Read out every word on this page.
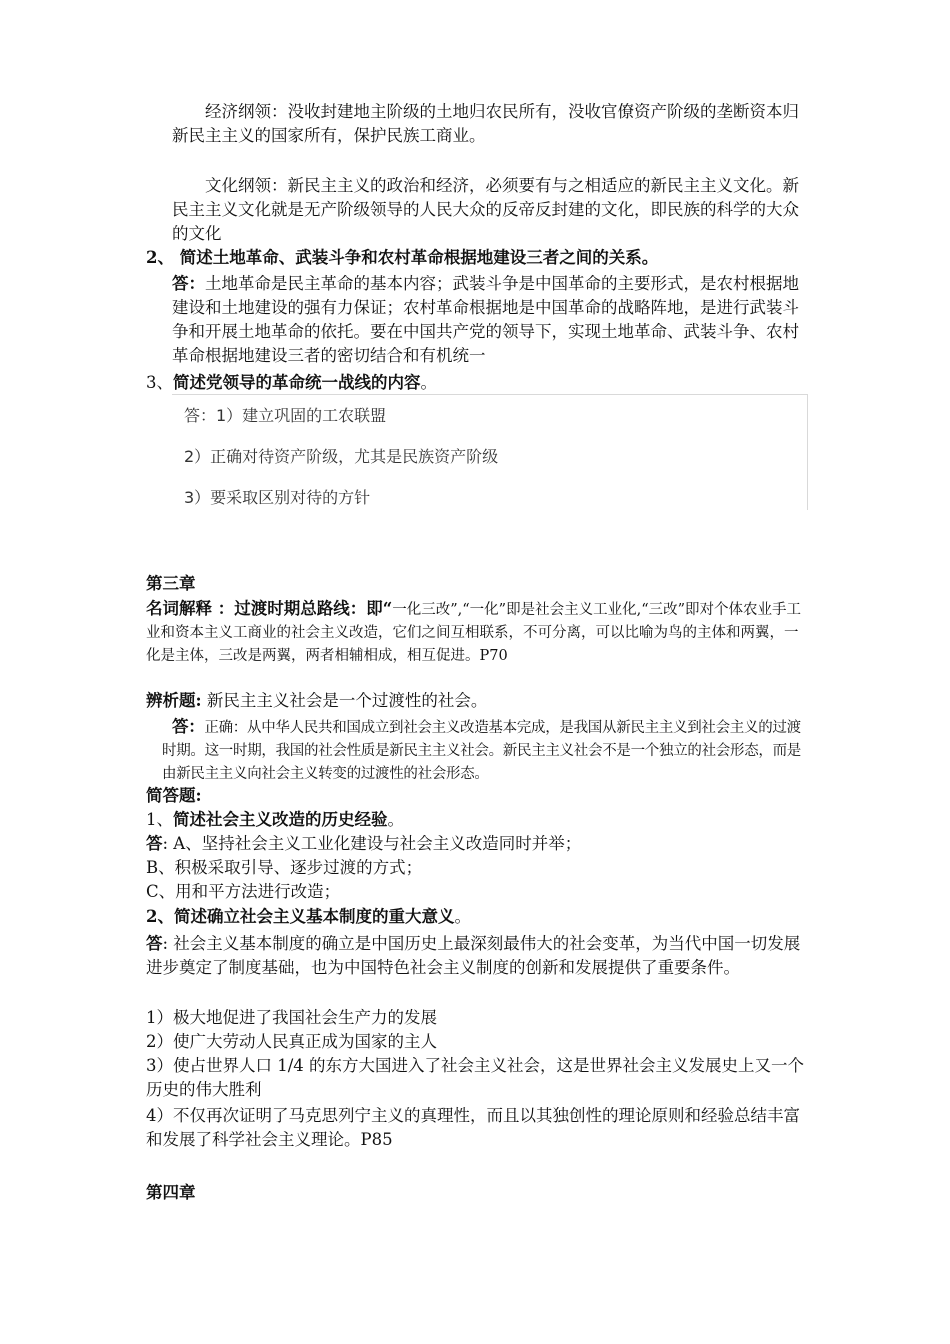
经济纲领：没收封建地主阶级的土地归农民所有，没收官僚资产阶级的垄断资本归新民主主义的国家所有，保护民族工商业。

文化纲领：新民主主义的政治和经济，必须要有与之相适应的新民主主义文化。新民主主义文化就是无产阶级领导的人民大众的反帝反封建的文化，即民族的科学的大众的文化

2、 简述土地革命、武装斗争和农村革命根据地建设三者之间的关系。

答：土地革命是民主革命的基本内容；武装斗争是中国革命的主要形式，是农村根据地建设和土地建设的强有力保证；农村革命根据地是中国革命的战略阵地，是进行武装斗争和开展土地革命的依托。要在中国共产党的领导下，实现土地革命、武装斗争、农村革命根据地建设三者的密切结合和有机统一

3、简述党领导的革命统一战线的内容。

答：1）建立巩固的工农联盟
2）正确对待资产阶级，尤其是民族资产阶级
3）要采取区别对待的方针

第三章

名词解释 ：过渡时期总路线：即“一化三改”,“一化”即是社会主义工业化,“三改”即对个体农业手工业和资本主义工商业的社会主义改造，它们之间互相联系，不可分离，可以比喻为鸟的主体和两翼，一化是主体，三改是两翼，两者相辅相成，相互促进。P70

辨析题: 新民主主义社会是一个过渡性的社会。

答：正确：从中华人民共和国成立到社会主义改造基本完成，是我国从新民主主义到社会主义的过渡时期。这一时期，我国的社会性质是新民主主义社会。新民主主义社会不是一个独立的社会形态，而是由新民主主义向社会主义转变的过渡性的社会形态。

简答题:

1、简述社会主义改造的历史经验。

答: A、坚持社会主义工业化建设与社会主义改造同时并举；

B、积极采取引导、逐步过渡的方式；

C、用和平方法进行改造；

2、简述确立社会主义基本制度的重大意义。

答: 社会主义基本制度的确立是中国历史上最深刻最伟大的社会变革，为当代中国一切发展进步奠定了制度基础，也为中国特色社会主义制度的创新和发展提供了重要条件。

1）极大地促进了我国社会生产力的发展

2）使广大劳动人民真正成为国家的主人

3）使占世界人口 1/4 的东方大国进入了社会主义社会，这是世界社会主义发展史上又一个历史的伟大胜利

4）不仅再次证明了马克思列宁主义的真理性，而且以其独创性的理论原则和经验总结丰富和发展了科学社会主义理论。P85

第四章
